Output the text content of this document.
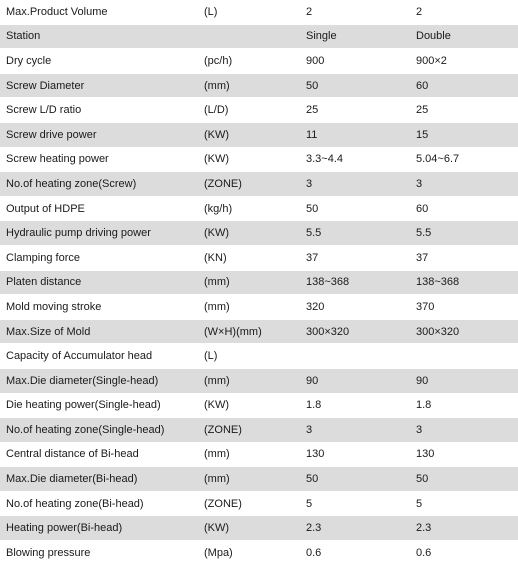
Max.Product Volume	(L)	2	2
Station		Single	Double
Dry cycle	(pc/h)	900	900×2
Screw Diameter	(mm)	50	60
Screw L/D ratio	(L/D)	25	25
Screw drive power	(KW)	11	15
Screw heating power	(KW)	3.3~4.4	5.04~6.7
No.of heating zone(Screw)	(ZONE)	3	3
Output of HDPE	(kg/h)	50	60
Hydraulic pump driving power	(KW)	5.5	5.5
Clamping force	(KN)	37	37
Platen distance	(mm)	138~368	138~368
Mold moving stroke	(mm)	320	370
Max.Size of Mold	(W×H)(mm)	300×320	300×320
Capacity of Accumulator head	(L)		
Max.Die diameter(Single-head)	(mm)	90	90
Die heating power(Single-head)	(KW)	1.8	1.8
No.of heating zone(Single-head)	(ZONE)	3	3
Central distance of Bi-head	(mm)	130	130
Max.Die diameter(Bi-head)	(mm)	50	50
No.of heating zone(Bi-head)	(ZONE)	5	5
Heating power(Bi-head)	(KW)	2.3	2.3
Blowing pressure	(Mpa)	0.6	0.6
